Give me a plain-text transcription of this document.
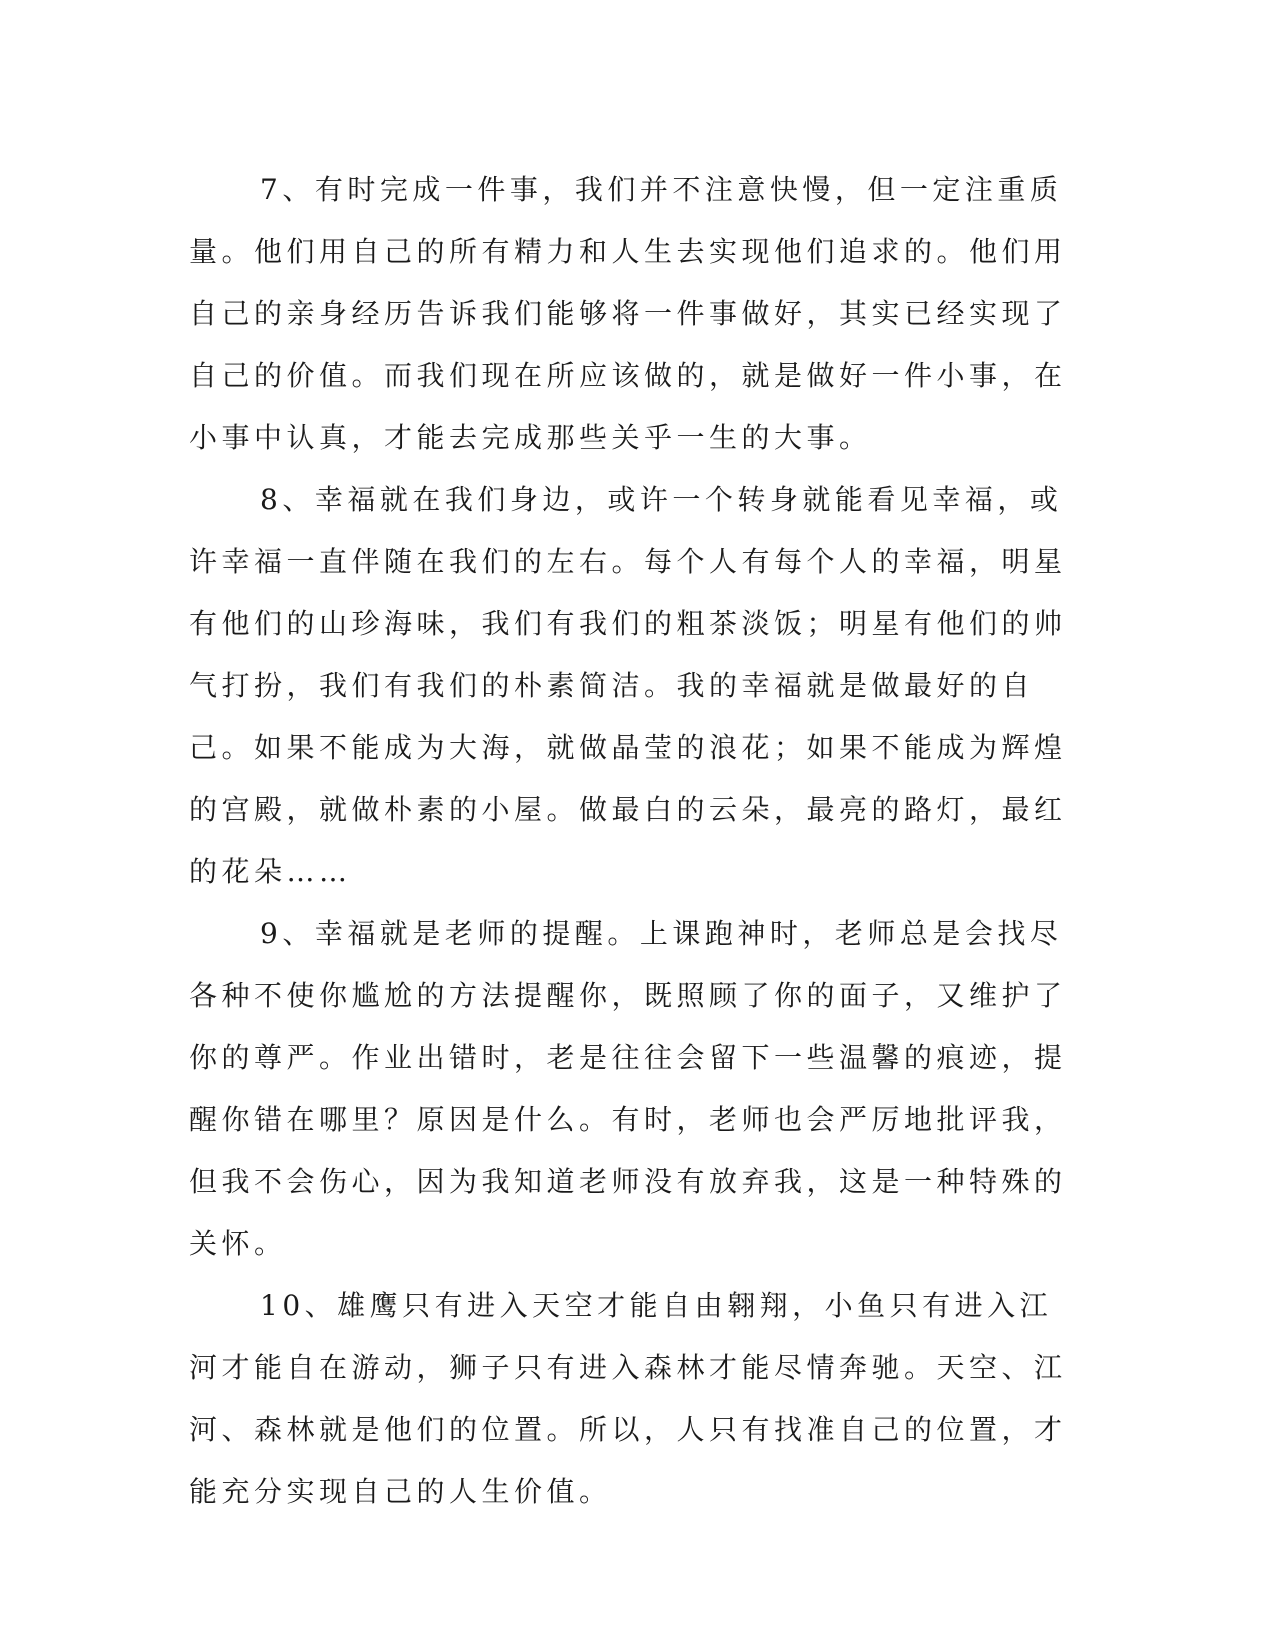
7、有时完成一件事，我们并不注意快慢，但一定注重质量。他们用自己的所有精力和人生去实现他们追求的。他们用自己的亲身经历告诉我们能够将一件事做好，其实已经实现了自己的价值。而我们现在所应该做的，就是做好一件小事，在小事中认真，才能去完成那些关乎一生的大事。

8、幸福就在我们身边，或许一个转身就能看见幸福，或许幸福一直伴随在我们的左右。每个人有每个人的幸福，明星有他们的山珍海味，我们有我们的粗茶淡饭；明星有他们的帅气打扮，我们有我们的朴素简洁。我的幸福就是做最好的自己。如果不能成为大海，就做晶莹的浪花；如果不能成为辉煌的宫殿，就做朴素的小屋。做最白的云朵，最亮的路灯，最红的花朵……

9、幸福就是老师的提醒。上课跑神时，老师总是会找尽各种不使你尴尬的方法提醒你，既照顾了你的面子，又维护了你的尊严。作业出错时，老是往往会留下一些温馨的痕迹，提醒你错在哪里？原因是什么。有时，老师也会严厉地批评我，但我不会伤心，因为我知道老师没有放弃我，这是一种特殊的关怀。

10、雄鹰只有进入天空才能自由翱翔，小鱼只有进入江河才能自在游动，狮子只有进入森林才能尽情奔驰。天空、江河、森林就是他们的位置。所以，人只有找准自己的位置，才能充分实现自己的人生价值。
